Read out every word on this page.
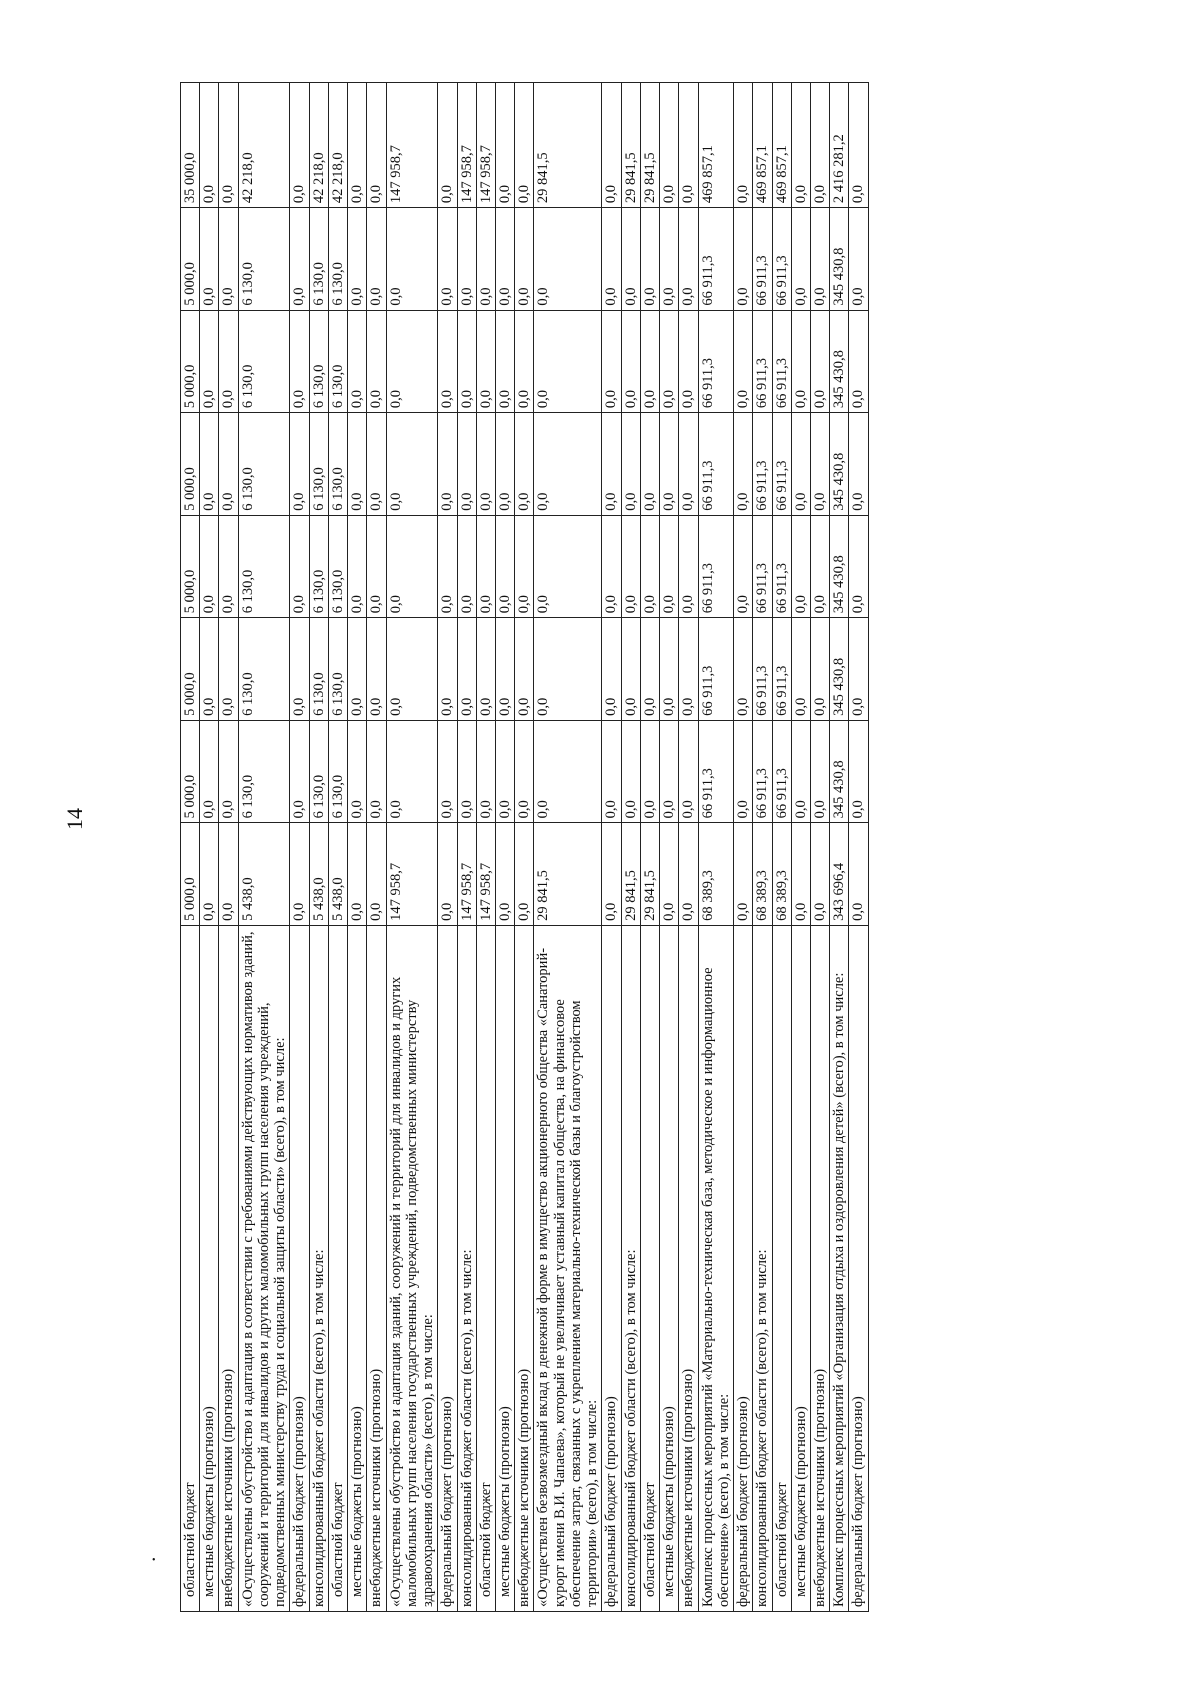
14
• областной бюджет	5 000,0	5 000,0	5 000,0	5 000,0	5 000,0	5 000,0	5 000,0	35 000,0
местные бюджеты (прогнозно)	0,0	0,0	0,0	0,0	0,0	0,0	0,0	0,0
внебюджетные источники (прогнозно)	0,0	0,0	0,0	0,0	0,0	0,0	0,0	0,0
«Осуществлены обустройство и адаптация в соответствии с требованиями действующих нормативов зданий, сооружений и территорий для инвалидов и других маломобильных групп населения учреждений, подведомственных министерству труда и социальной защиты области» (всего), в том числе:	5 438,0	6 130,0	6 130,0	6 130,0	6 130,0	6 130,0	6 130,0	42 218,0
федеральный бюджет (прогнозно)	0,0	0,0	0,0	0,0	0,0	0,0	0,0	0,0
консолидированный бюджет области (всего), в том числе:	5 438,0	6 130,0	6 130,0	6 130,0	6 130,0	6 130,0	6 130,0	42 218,0
областной бюджет	5 438,0	6 130,0	6 130,0	6 130,0	6 130,0	6 130,0	6 130,0	42 218,0
местные бюджеты (прогнозно)	0,0	0,0	0,0	0,0	0,0	0,0	0,0	0,0
внебюджетные источники (прогнозно)	0,0	0,0	0,0	0,0	0,0	0,0	0,0	0,0
«Осуществлены обустройство и адаптация зданий, сооружений и территорий для инвалидов и других маломобильных групп населения государственных учреждений, подведомственных министерству здравоохранения области» (всего), в том числе:	147 958,7	0,0	0,0	0,0	0,0	0,0	0,0	147 958,7
федеральный бюджет (прогнозно)	0,0	0,0	0,0	0,0	0,0	0,0	0,0	0,0
консолидированный бюджет области (всего), в том числе:	147 958,7	0,0	0,0	0,0	0,0	0,0	0,0	147 958,7
областной бюджет	147 958,7	0,0	0,0	0,0	0,0	0,0	0,0	147 958,7
местные бюджеты (прогнозно)	0,0	0,0	0,0	0,0	0,0	0,0	0,0	0,0
внебюджетные источники (прогнозно)	0,0	0,0	0,0	0,0	0,0	0,0	0,0	0,0
«Осуществлен безвозмездный вклад в денежной форме в имущество акционерного общества «Санаторий-курорт имени В.И. Чапаева», который не увеличивает уставный капитал общества, на финансовое обеспечение затрат, связанных с укреплением материально-технической базы и благоустройством территории» (всего), в том числе:	29 841,5	0,0	0,0	0,0	0,0	0,0	0,0	29 841,5
федеральный бюджет (прогнозно)	0,0	0,0	0,0	0,0	0,0	0,0	0,0	0,0
консолидированный бюджет области (всего), в том числе:	29 841,5	0,0	0,0	0,0	0,0	0,0	0,0	29 841,5
областной бюджет	29 841,5	0,0	0,0	0,0	0,0	0,0	0,0	29 841,5
местные бюджеты (прогнозно)	0,0	0,0	0,0	0,0	0,0	0,0	0,0	0,0
внебюджетные источники (прогнозно)	0,0	0,0	0,0	0,0	0,0	0,0	0,0	0,0
Комплекс процессных мероприятий «Материально-техническая база, методическое и информационное обеспечение» (всего), в том числе:	68 389,3	66 911,3	66 911,3	66 911,3	66 911,3	66 911,3	66 911,3	469 857,1
федеральный бюджет (прогнозно)	0,0	0,0	0,0	0,0	0,0	0,0	0,0	0,0
консолидированный бюджет области (всего), в том числе:	68 389,3	66 911,3	66 911,3	66 911,3	66 911,3	66 911,3	66 911,3	469 857,1
областной бюджет	68 389,3	66 911,3	66 911,3	66 911,3	66 911,3	66 911,3	66 911,3	469 857,1
местные бюджеты (прогнозно)	0,0	0,0	0,0	0,0	0,0	0,0	0,0	0,0
внебюджетные источники (прогнозно)	0,0	0,0	0,0	0,0	0,0	0,0	0,0	0,0
Комплекс процессных мероприятий «Организация отдыха и оздоровления детей» (всего), в том числе:	343 696,4	345 430,8	345 430,8	345 430,8	345 430,8	345 430,8	345 430,8	2 416 281,2
федеральный бюджет (прогнозно)	0,0	0,0	0,0	0,0	0,0	0,0	0,0	0,0
